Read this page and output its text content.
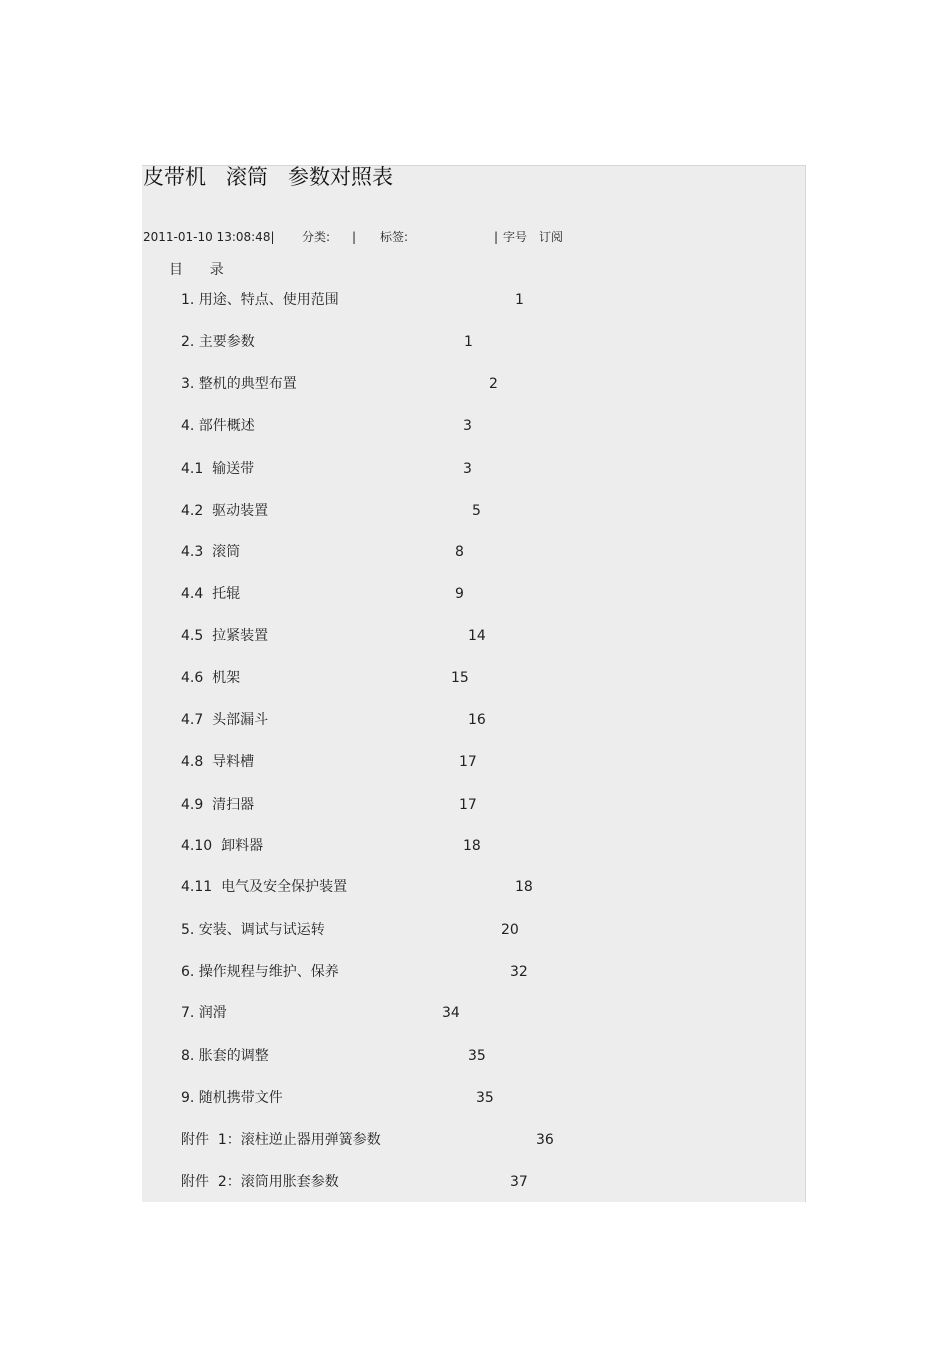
皮带机   滚筒   参数对照表
2011-01-10 13:08:48| 分类: | 标签:	| 字号 订阅
目      录
1. 用途、特点、使用范围	1
2. 主要参数	1
3. 整机的典型布置	2
4. 部件概述	3
4.1  输送带	3
4.2  驱动装置	5
4.3  滚筒	8
4.4  托辊	9
4.5  拉紧装置	14
4.6  机架	15
4.7  头部漏斗	16
4.8  导料槽	17
4.9  清扫器	17
4.10  卸料器	18
4.11  电气及安全保护装置	18
5. 安装、调试与试运转	20
6. 操作规程与维护、保养	32
7. 润滑	34
8. 胀套的调整	35
9. 随机携带文件	35
附件  1：滚柱逆止器用弹簧参数	36
附件  2：滚筒用胀套参数	37
